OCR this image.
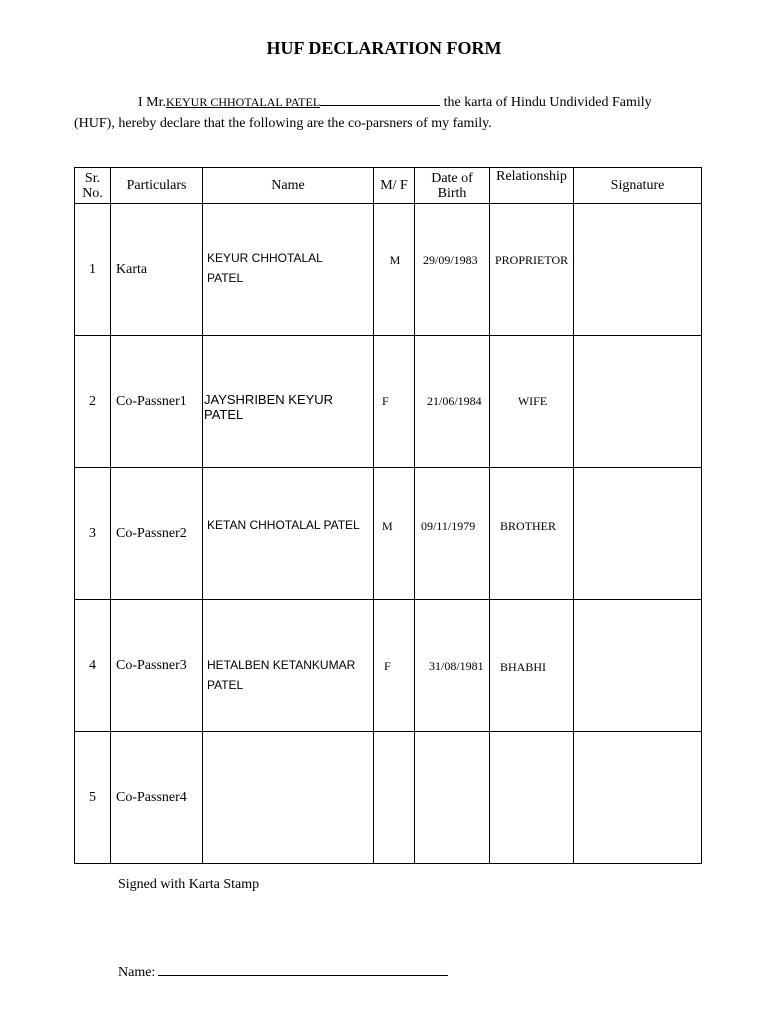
HUF DECLARATION FORM
I Mr.KEYUR CHHOTALAL PATEL	the karta of Hindu Undivided Family
(HUF), hereby declare that the following are the co-parsners of my family.
Sr.
No.	Particulars	Name	M/ F	Date of
Birth	Relationship	Signature
1	Karta	KEYUR CHHOTALAL
PATEL	M	29/09/1983	PROPRIETOR	

2	Co-Passner1	JAYSHRIBEN KEYUR PATEL	F	21/06/1984	WIFE	

3	Co-Passner2	KETAN CHHOTALAL PATEL	M	09/11/1979	BROTHER	

4	Co-Passner3	HETALBEN KETANKUMAR
PATEL	F	31/08/1981	BHABHI	

5	Co-Passner4					
Signed with Karta Stamp
Name:
